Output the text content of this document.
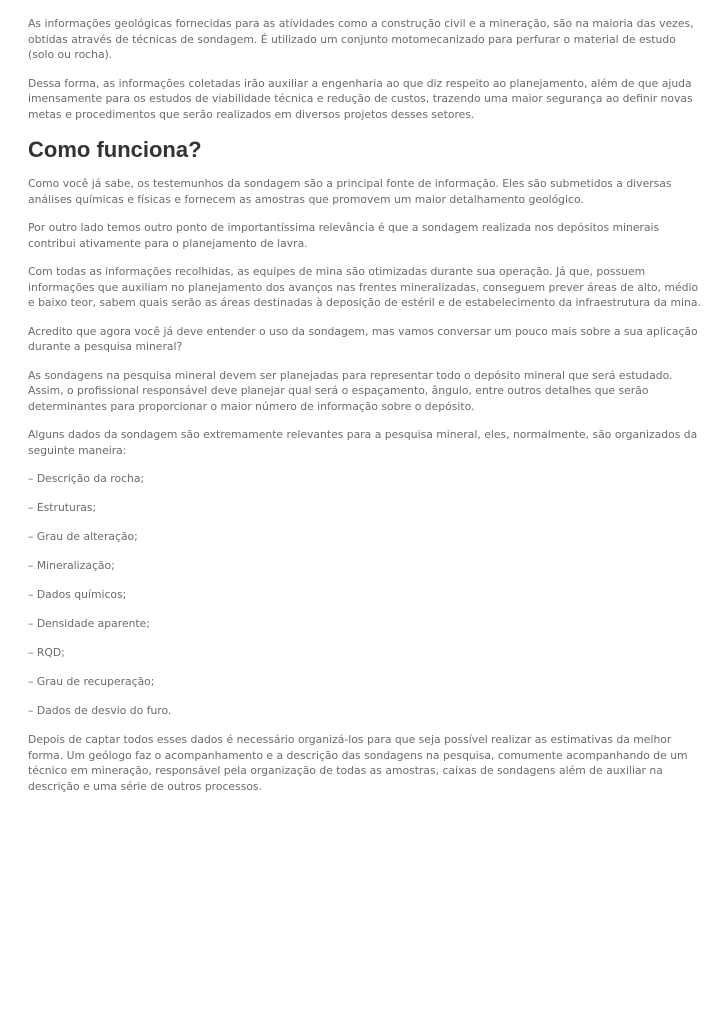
As informações geológicas fornecidas para as atividades como a construção civil e a mineração, são na maioria das vezes, obtidas através de técnicas de sondagem. É utilizado um conjunto motomecanizado para perfurar o material de estudo (solo ou rocha).

Dessa forma, as informações coletadas irão auxiliar a engenharia ao que diz respeito ao planejamento, além de que ajuda imensamente para os estudos de viabilidade técnica e redução de custos, trazendo uma maior segurança ao definir novas metas e procedimentos que serão realizados em diversos projetos desses setores.

Como funciona?

Como você já sabe, os testemunhos da sondagem são a principal fonte de informação. Eles são submetidos a diversas análises químicas e físicas e fornecem as amostras que promovem um maior detalhamento geológico.

Por outro lado temos outro ponto de importantíssima relevância é que a sondagem realizada nos depósitos minerais contribui ativamente para o planejamento de lavra.

Com todas as informações recolhidas, as equipes de mina são otimizadas durante sua operação. Já que, possuem informações que auxiliam no planejamento dos avanços nas frentes mineralizadas, conseguem prever áreas de alto, médio e baixo teor, sabem quais serão as áreas destinadas à deposição de estéril e de estabelecimento da infraestrutura da mina.

Acredito que agora você já deve entender o uso da sondagem, mas vamos conversar um pouco mais sobre a sua aplicação durante a pesquisa mineral?

As sondagens na pesquisa mineral devem ser planejadas para representar todo o depósito mineral que será estudado. Assim, o profissional responsável deve planejar qual será o espaçamento, ângulo, entre outros detalhes que serão determinantes para proporcionar o maior número de informação sobre o depósito.

Alguns dados da sondagem são extremamente relevantes para a pesquisa mineral, eles, normalmente, são organizados da seguinte maneira:

– Descrição da rocha;

– Estruturas;

– Grau de alteração;

– Mineralização;

– Dados químicos;

– Densidade aparente;

– RQD;

– Grau de recuperação;

– Dados de desvio do furo.

Depois de captar todos esses dados é necessário organizá-los para que seja possível realizar as estimativas da melhor forma. Um geólogo faz o acompanhamento e a descrição das sondagens na pesquisa, comumente acompanhando de um técnico em mineração, responsável pela organização de todas as amostras, caixas de sondagens além de auxiliar na descrição e uma série de outros processos.
